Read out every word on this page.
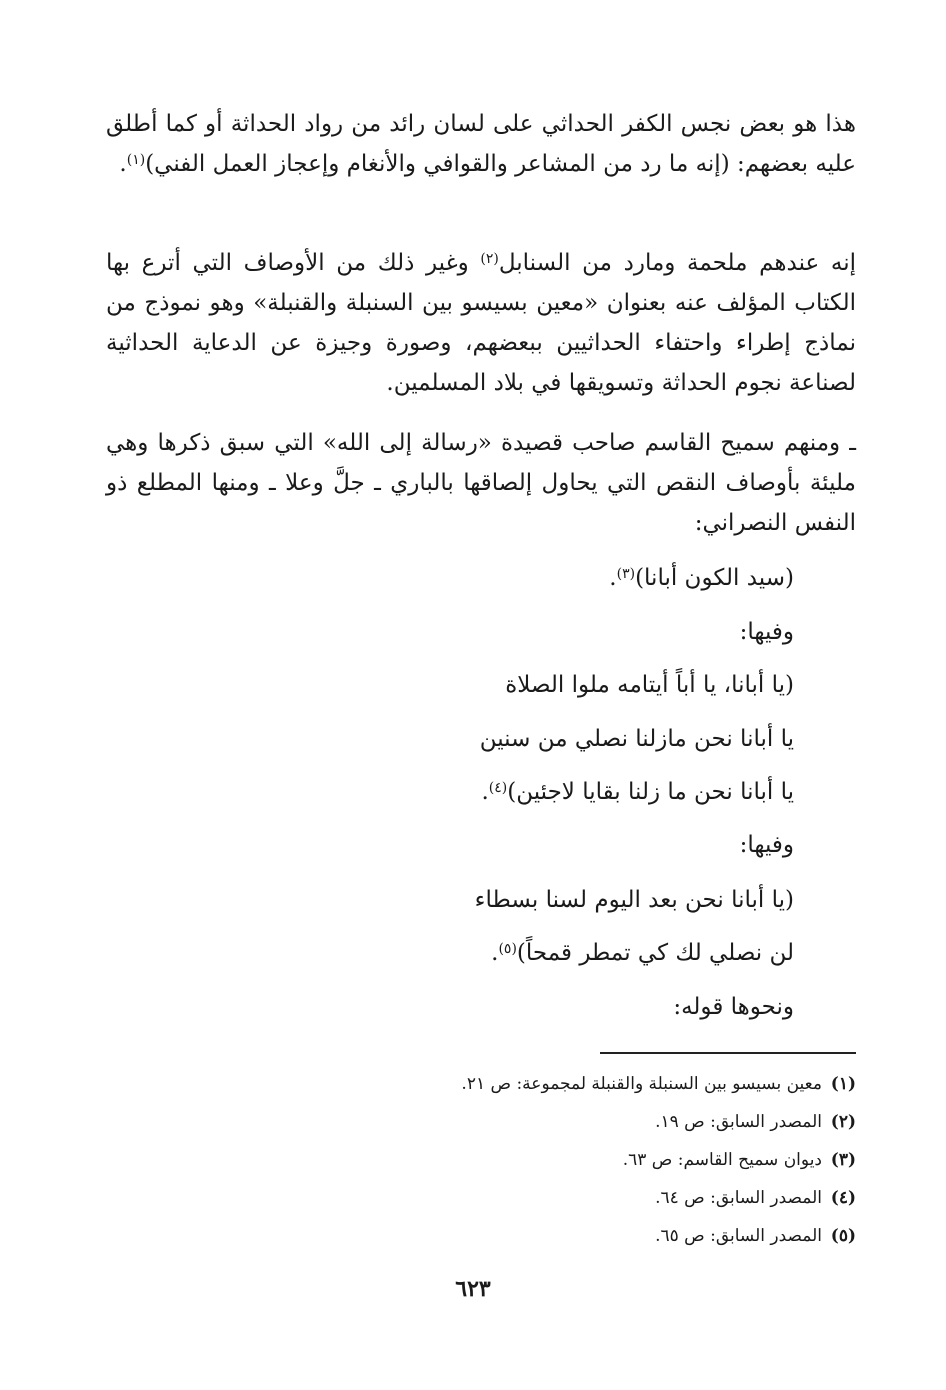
هذا هو بعض نجس الكفر الحداثي على لسان رائد من رواد الحداثة أو كما أطلق عليه بعضهم: (إنه ما رد من المشاعر والقوافي والأنغام وإعجاز العمل الفني)$^{(١)}$.

إنه عندهم ملحمة ومارد من السنابل$^{(٢)}$ وغير ذلك من الأوصاف التي أترع بها الكتاب المؤلف عنه بعنوان «معين بسيسو بين السنبلة والقنبلة» وهو نموذج من نماذج إطراء واحتفاء الحداثيين ببعضهم، وصورة وجيزة عن الدعاية الحداثية لصناعة نجوم الحداثة وتسويقها في بلاد المسلمين.

ـ ومنهم سميح القاسم صاحب قصيدة «رسالة إلى الله» التي سبق ذكرها وهي مليئة بأوصاف النقص التي يحاول إلصاقها بالباري ـ جلَّ وعلا ـ ومنها المطلع ذو النفس النصراني:

(سيد الكون أبانا)$^{(٣)}$.

وفيها:

(يا أبانا، يا أباً أيتامه ملوا الصلاة

يا أبانا نحن مازلنا نصلي من سنين

يا أبانا نحن ما زلنا بقايا لاجئين)$^{(٤)}$.

وفيها:

(يا أبانا نحن بعد اليوم لسنا بسطاء

لن نصلي لك كي تمطر قمحاً)$^{(٥)}$.

ونحوها قوله:

(١)معين بسيسو بين السنبلة والقنبلة لمجموعة: ص ٢١.

(٢)المصدر السابق: ص ١٩.

(٣)ديوان سميح القاسم: ص ٦٣.

(٤)المصدر السابق: ص ٦٤.

(٥)المصدر السابق: ص ٦٥.

٦٢٣
